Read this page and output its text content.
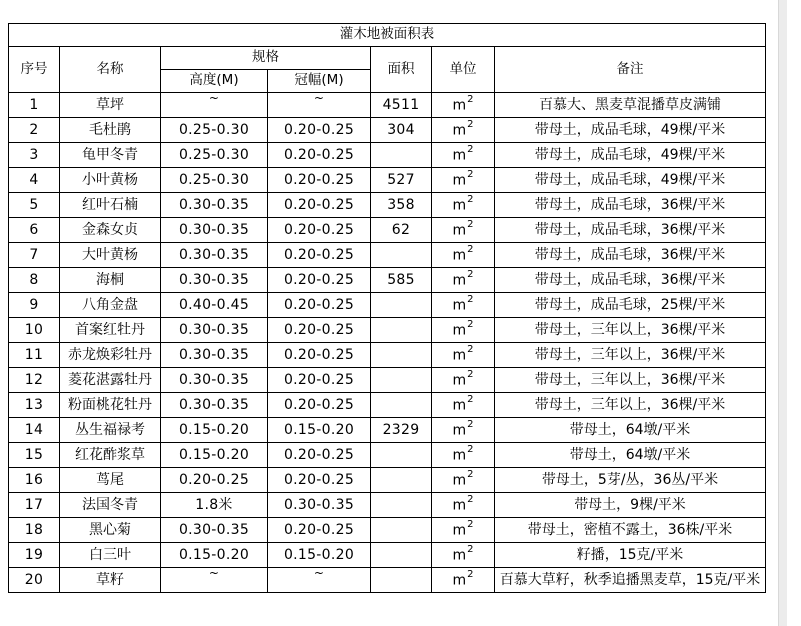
灌木地被面积表						
序号	名称	规格		面积	单位	备注
		高度(M)	冠幅(M)			
1	草坪	~	~	4511	$m^2$	百慕大、黑麦草混播草皮满铺
2	毛杜鹃	0.25-0.30	0.20-0.25	304	$m^2$	带母土，成品毛球，49棵/平米
3	龟甲冬青	0.25-0.30	0.20-0.25		$m^2$	带母土，成品毛球，49棵/平米
4	小叶黄杨	0.25-0.30	0.20-0.25	527	$m^2$	带母土，成品毛球，49棵/平米
5	红叶石楠	0.30-0.35	0.20-0.25	358	$m^2$	带母土，成品毛球，36棵/平米
6	金森女贞	0.30-0.35	0.20-0.25	62	$m^2$	带母土，成品毛球，36棵/平米
7	大叶黄杨	0.30-0.35	0.20-0.25		$m^2$	带母土，成品毛球，36棵/平米
8	海桐	0.30-0.35	0.20-0.25	585	$m^2$	带母土，成品毛球，36棵/平米
9	八角金盘	0.40-0.45	0.20-0.25		$m^2$	带母土，成品毛球，25棵/平米
10	首案红牡丹	0.30-0.35	0.20-0.25		$m^2$	带母土，三年以上，36棵/平米
11	赤龙焕彩牡丹	0.30-0.35	0.20-0.25		$m^2$	带母土，三年以上，36棵/平米
12	菱花湛露牡丹	0.30-0.35	0.20-0.25		$m^2$	带母土，三年以上，36棵/平米
13	粉面桃花牡丹	0.30-0.35	0.20-0.25		$m^2$	带母土，三年以上，36棵/平米
14	丛生福禄考	0.15-0.20	0.15-0.20	2329	$m^2$	带母土，64墩/平米
15	红花酢浆草	0.15-0.20	0.20-0.25		$m^2$	带母土，64墩/平米
16	茑尾	0.20-0.25	0.20-0.25		$m^2$	带母土，5芽/丛，36丛/平米
17	法国冬青	1.8米	0.30-0.35		$m^2$	带母土，9棵/平米
18	黑心菊	0.30-0.35	0.20-0.25		$m^2$	带母土，密植不露土，36株/平米
19	白三叶	0.15-0.20	0.15-0.20		$m^2$	籽播，15克/平米
20	草籽	~	~		$m^2$	百慕大草籽，秋季追播黑麦草，15克/平米
